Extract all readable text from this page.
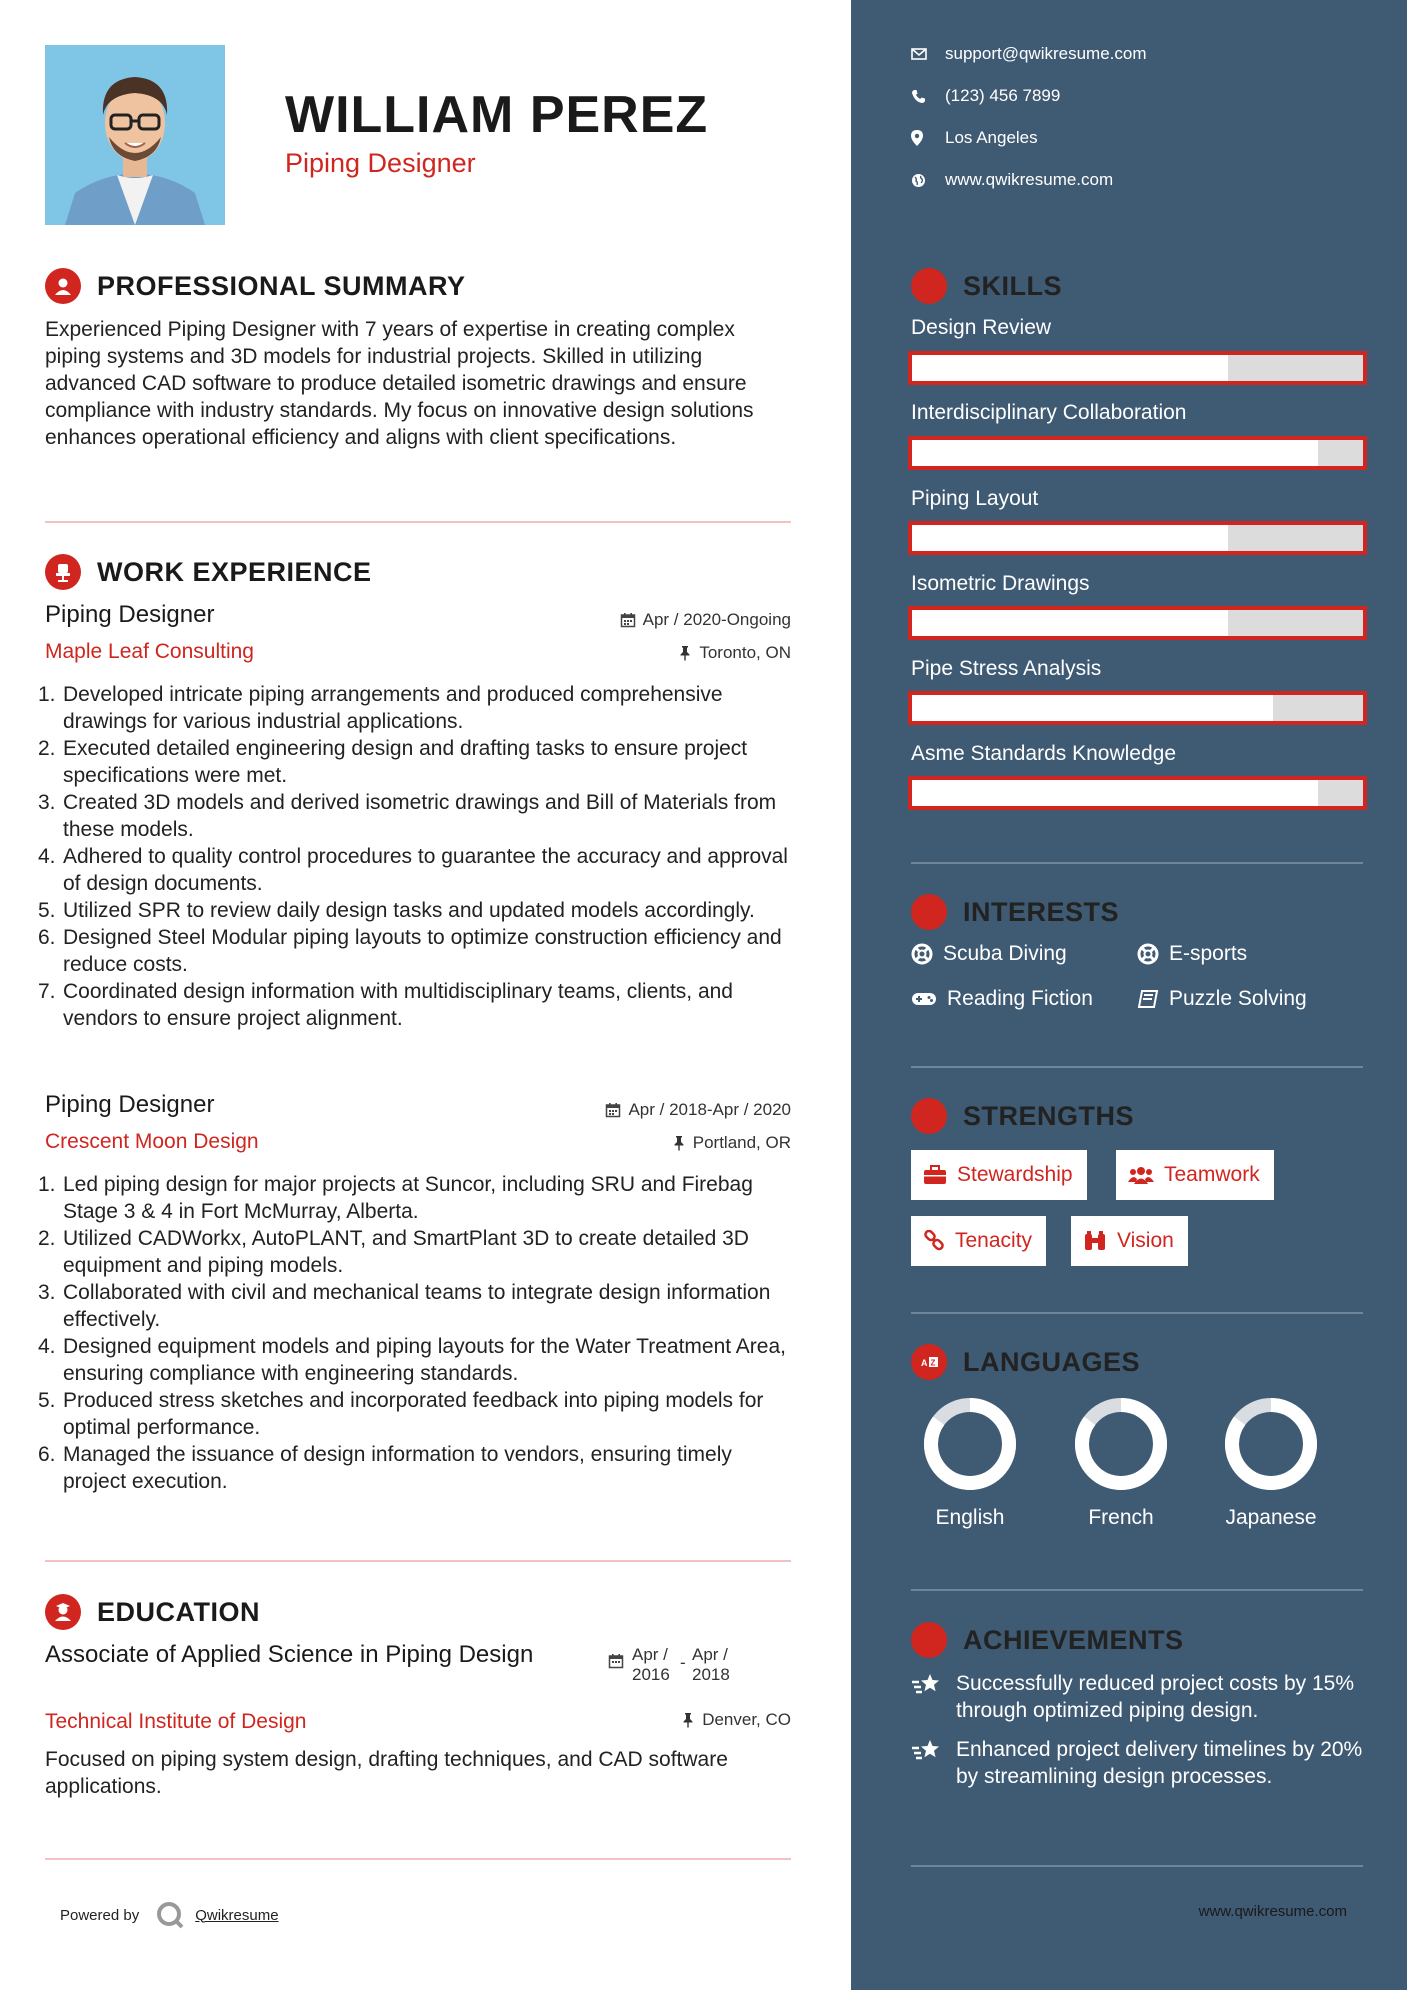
WILLIAM PEREZ
Piping Designer
PROFESSIONAL SUMMARY
Experienced Piping Designer with 7 years of expertise in creating complex piping systems and 3D models for industrial projects. Skilled in utilizing advanced CAD software to produce detailed isometric drawings and ensure compliance with industry standards. My focus on innovative design solutions enhances operational efficiency and aligns with client specifications.
WORK EXPERIENCE
Piping Designer
Maple Leaf Consulting
Apr / 2020-Ongoing
Toronto, ON
1. Developed intricate piping arrangements and produced comprehensive drawings for various industrial applications.
2. Executed detailed engineering design and drafting tasks to ensure project specifications were met.
3. Created 3D models and derived isometric drawings and Bill of Materials from these models.
4. Adhered to quality control procedures to guarantee the accuracy and approval of design documents.
5. Utilized SPR to review daily design tasks and updated models accordingly.
6. Designed Steel Modular piping layouts to optimize construction efficiency and reduce costs.
7. Coordinated design information with multidisciplinary teams, clients, and vendors to ensure project alignment.
Piping Designer
Crescent Moon Design
Apr / 2018-Apr / 2020
Portland, OR
1. Led piping design for major projects at Suncor, including SRU and Firebag Stage 3 & 4 in Fort McMurray, Alberta.
2. Utilized CADWorkx, AutoPLANT, and SmartPlant 3D to create detailed 3D equipment and piping models.
3. Collaborated with civil and mechanical teams to integrate design information effectively.
4. Designed equipment models and piping layouts for the Water Treatment Area, ensuring compliance with engineering standards.
5. Produced stress sketches and incorporated feedback into piping models for optimal performance.
6. Managed the issuance of design information to vendors, ensuring timely project execution.
EDUCATION
Associate of Applied Science in Piping Design
Technical Institute of Design
Apr / 2016
- Apr / 2018
Denver, CO
Focused on piping system design, drafting techniques, and CAD software applications.
Powered by	Qwikresume
support@qwikresume.com
(123) 456 7899
Los Angeles
www.qwikresume.com
SKILLS
Design Review
Interdisciplinary Collaboration
Piping Layout
Isometric Drawings
Pipe Stress Analysis
Asme Standards Knowledge
INTERESTS
Scuba Diving	E-sports
Reading Fiction	Puzzle Solving
STRENGTHS
Stewardship	Teamwork
Tenacity	Vision
A Z LANGUAGES
English	French	Japanese
ACHIEVEMENTS
Successfully reduced project costs by 15% through optimized piping design.
Enhanced project delivery timelines by 20% by streamlining design processes.
www.qwikresume.com
